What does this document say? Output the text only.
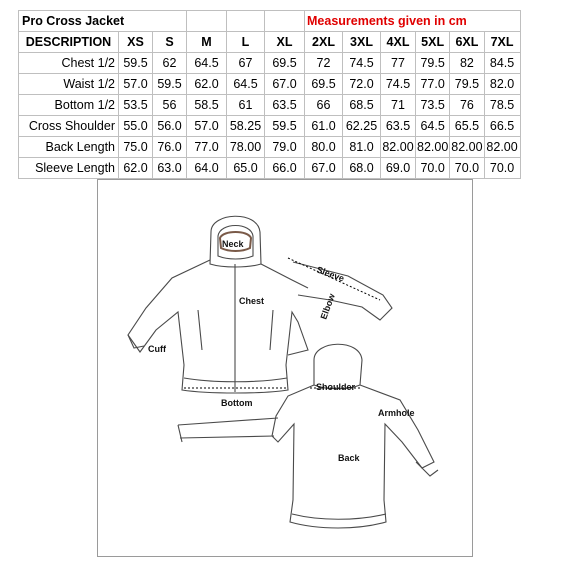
Pro Cross Jacket						Measurements given in cm					
DESCRIPTION	XS	S	M	L	XL	2XL	3XL	4XL	5XL	6XL	7XL
Chest 1/2	59.5	62	64.5	67	69.5	72	74.5	77	79.5	82	84.5
Waist 1/2	57.0	59.5	62.0	64.5	67.0	69.5	72.0	74.5	77.0	79.5	82.0
Bottom 1/2	53.5	56	58.5	61	63.5	66	68.5	71	73.5	76	78.5
Cross Shoulder	55.0	56.0	57.0	58.25	59.5	61.0	62.25	63.5	64.5	65.5	66.5
Back Length	75.0	76.0	77.0	78.00	79.0	80.0	81.0	82.00	82.00	82.00	82.00
Sleeve Length	62.0	63.0	64.0	65.0	66.0	67.0	68.0	69.0	70.0	70.0	70.0
Neck
Sleeve
Elbow
Chest
Cuff
Bottom
Shoulder
Armhole
Back
